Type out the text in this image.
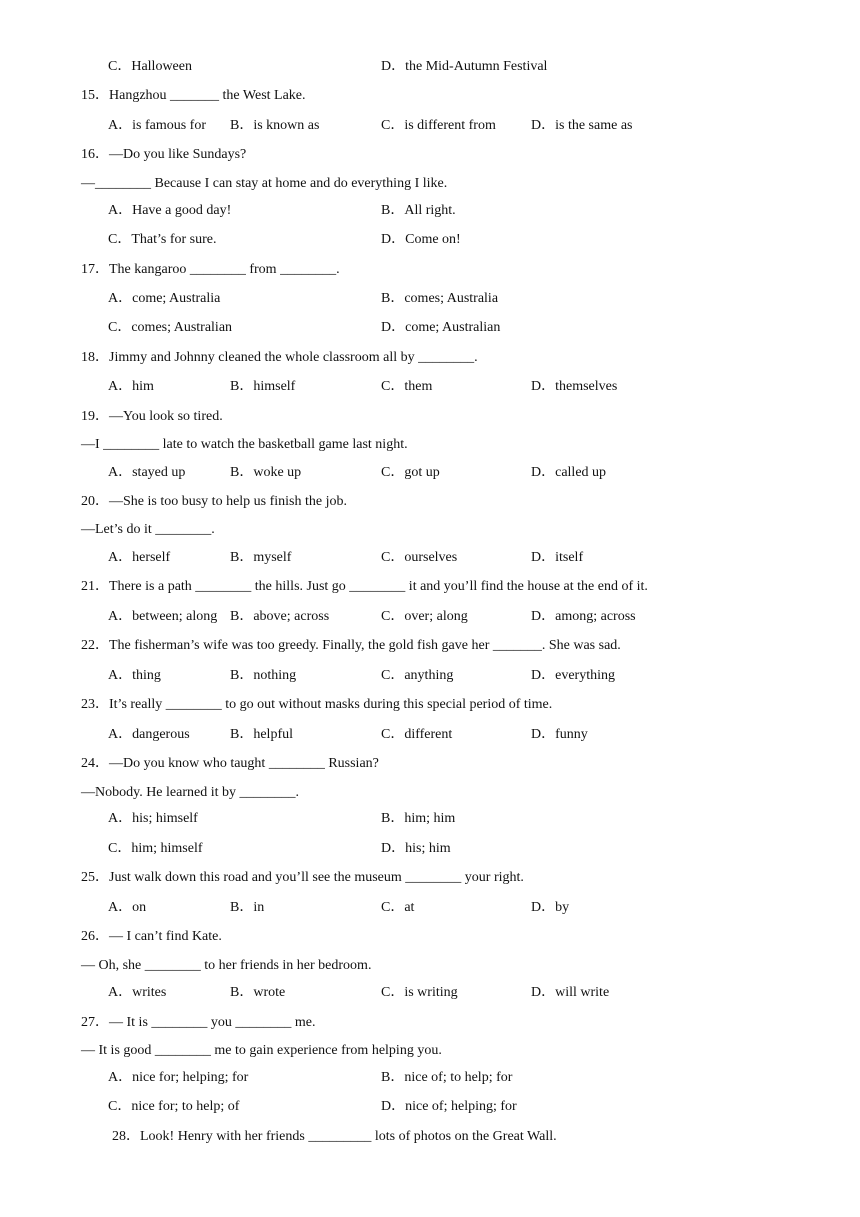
C．Halloween	D．the Mid-Autumn Festival
15．Hangzhou _______ the West Lake.
A．is famous for B．is known as	C．is different from	D．is the same as
16．—Do you like Sundays?
—________ Because I can stay at home and do everything I like.
A．Have a good day!	B．All right.
C．That’s for sure.	D．Come on!
17．The kangaroo ________ from ________.
A．come; Australia	B．comes; Australia
C．comes; Australian	D．come; Australian
18．Jimmy and Johnny cleaned the whole classroom all by ________.
A．him	B．himself	C．them	D．themselves
19．—You look so tired.
—I ________ late to watch the basketball game last night.
A．stayed up	B．woke up	C．got up	D．called up
20．—She is too busy to help us finish the job.
—Let’s do it ________.
A．herself	B．myself	C．ourselves	D．itself
21．There is a path ________ the hills. Just go ________ it and you’ll find the house at the end of it.
A．between; along B．above; across	C．over; along	D．among; across
22．The fisherman’s wife was too greedy. Finally, the gold fish gave her _______. She was sad.
A．thing	B．nothing	C．anything	D．everything
23．It’s really ________ to go out without masks during this special period of time.
A．dangerous	B．helpful	C．different	D．funny
24．—Do you know who taught ________ Russian?
—Nobody. He learned it by ________.
A．his; himself	B．him; him
C．him; himself	D．his; him
25．Just walk down this road and you’ll see the museum ________ your right.
A．on	B．in	C．at	D．by
26．— I can’t find Kate.
— Oh, she ________ to her friends in her bedroom.
A．writes	B．wrote	C．is writing	D．will write
27．— It is ________ you ________ me.
— It is good ________ me to gain experience from helping you.
A．nice for; helping; for	B．nice of; to help; for
C．nice for; to help; of	D．nice of; helping; for
28．Look! Henry with her friends _________ lots of photos on the Great Wall.
